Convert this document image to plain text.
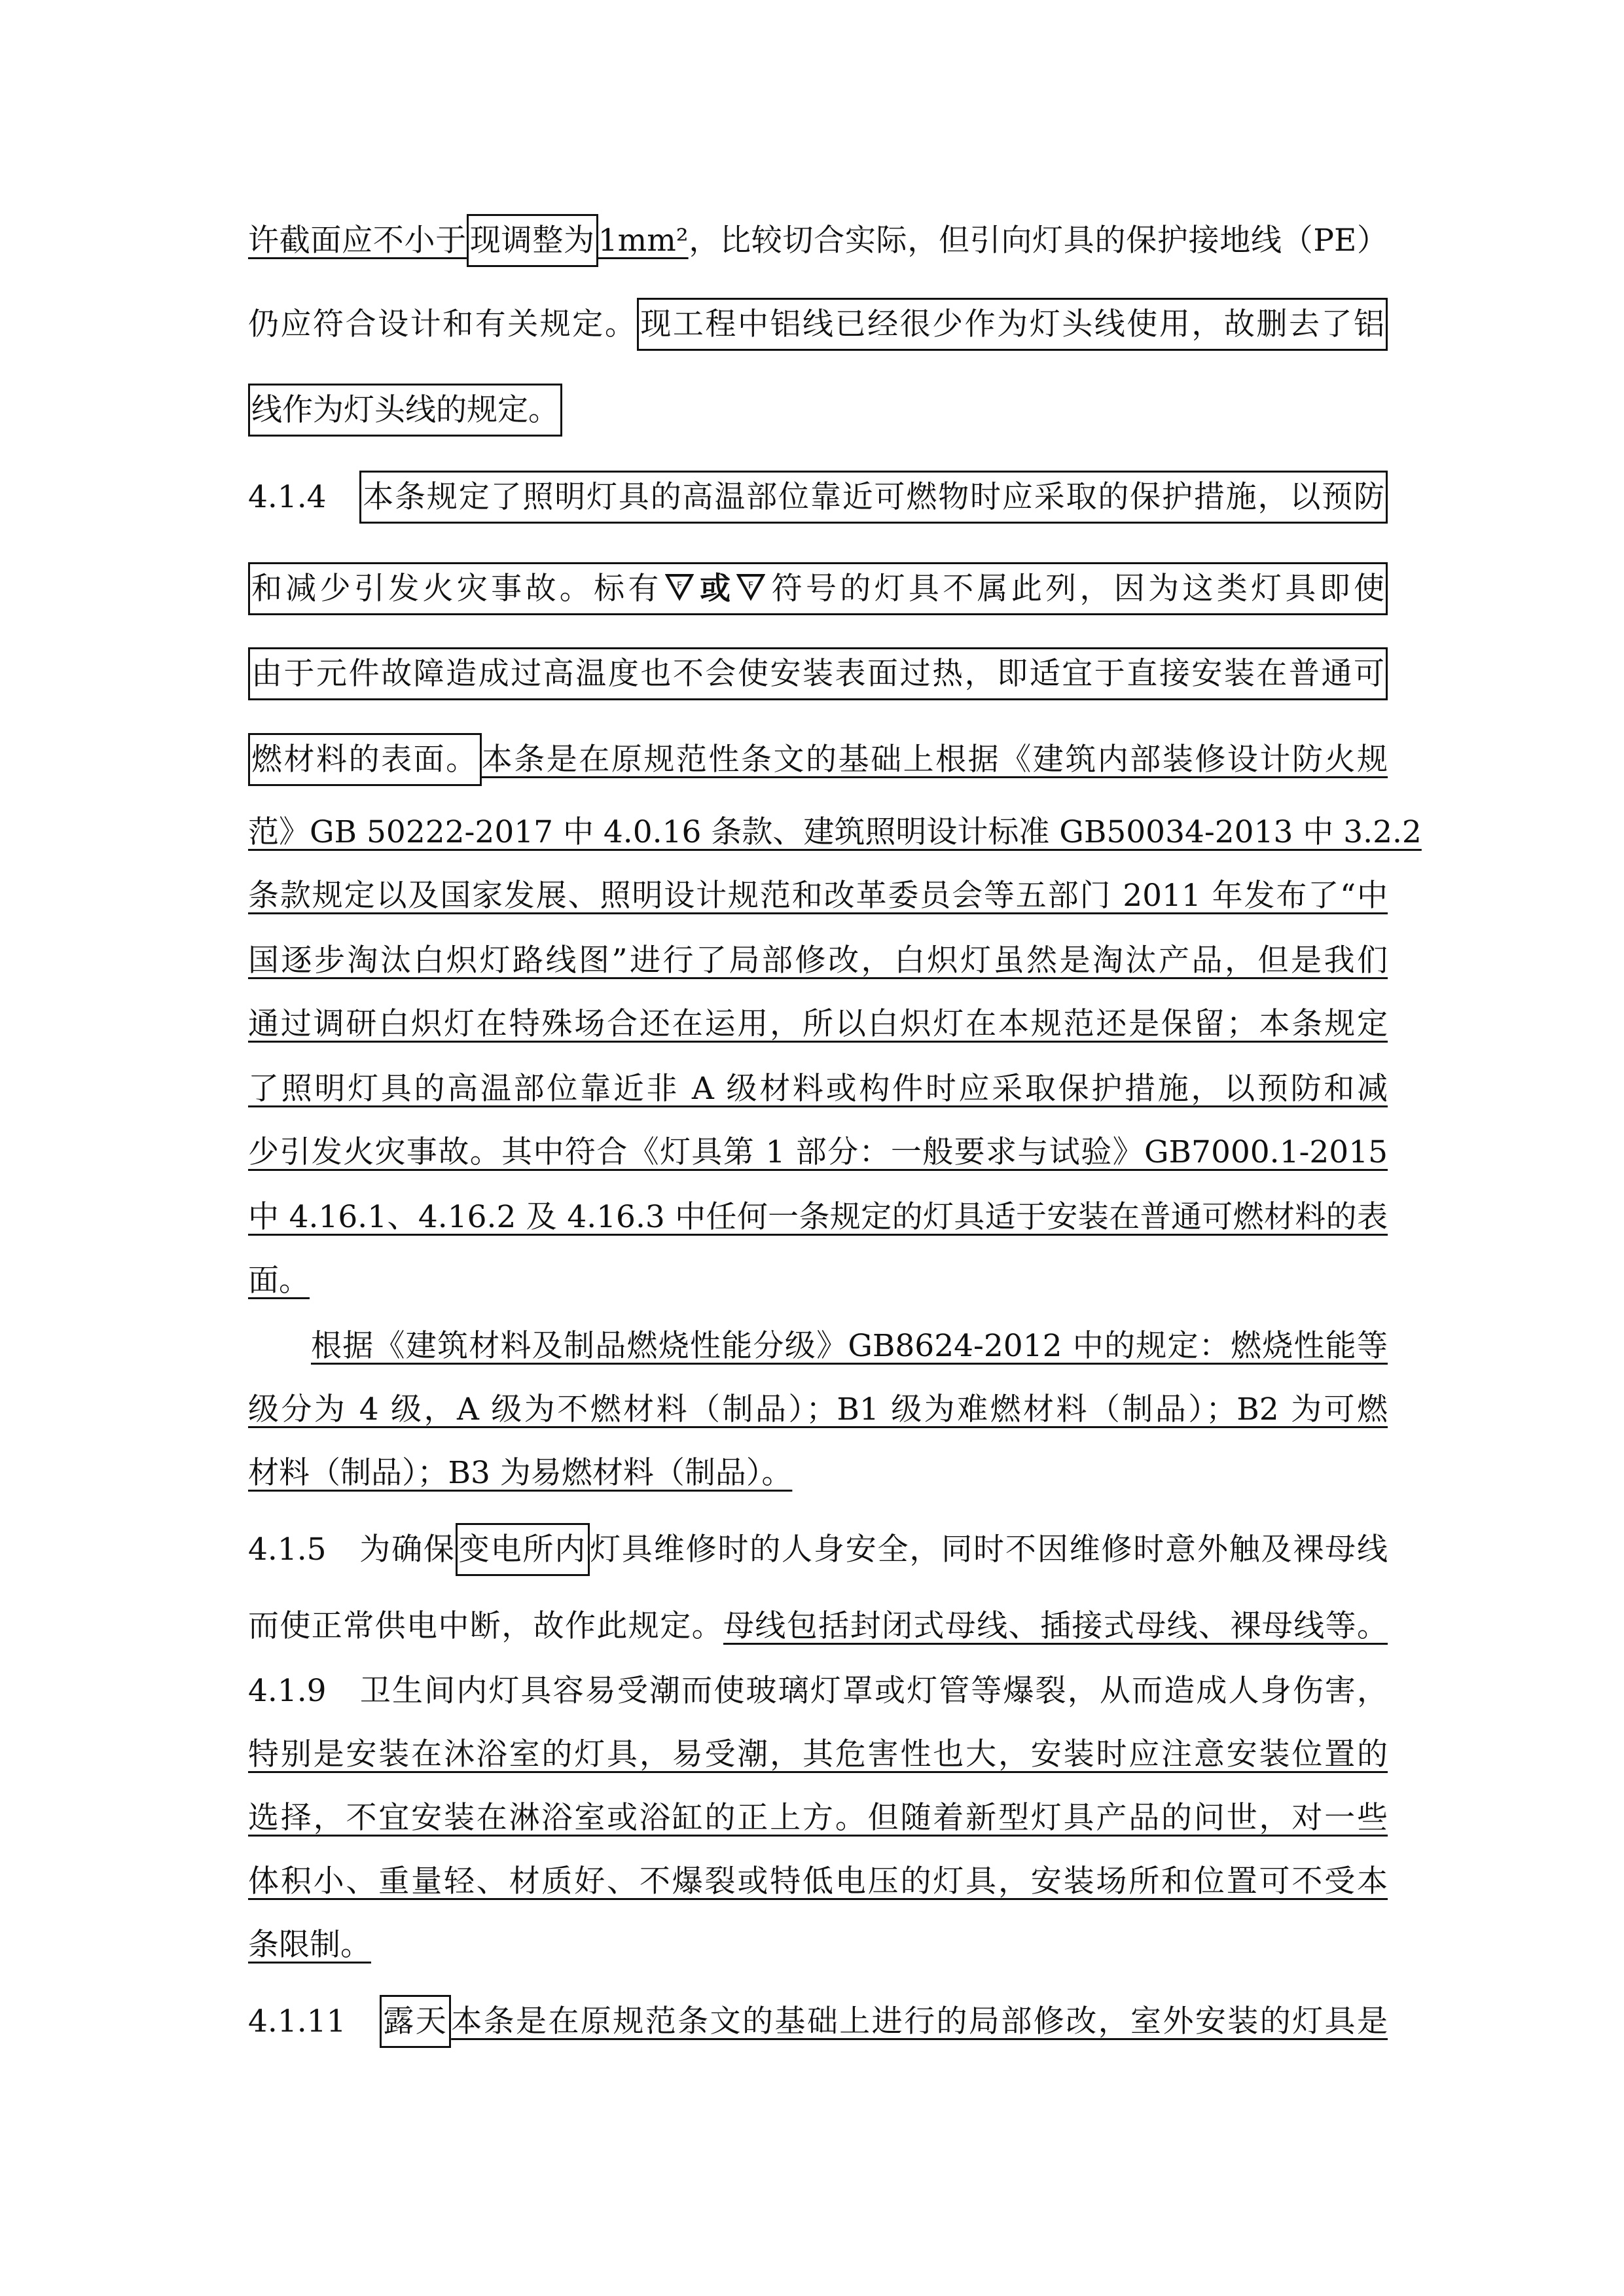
许截面应不小于 现调整为 1mm²，比较切合实际，但引向灯具的保护接地线（PE）
仍应符合设计和有关规定。 现工程中铝线已经很少作为灯头线使用，故删去了铝
线作为灯头线的规定。
4.1.4　本条规定了照明灯具的高温部位靠近可燃物时应采取的保护措施，以预防
和减少引发火灾事故。标有 F 或 F 符号的灯具不属此列，因为这类灯具即使
由于元件故障造成过高温度也不会使安装表面过热，即适宜于直接安装在普通可
燃材料的表面。 本条是在原规范性条文的基础上根据《建筑内部装修设计防火规
范》GB 50222-2017 中 4.0.16 条款、建筑照明设计标准 GB50034-2013 中 3.2.2
条款规定以及国家发展、照明设计规范和改革委员会等五部门 2011 年发布了“中
国逐步淘汰白炽灯路线图”进行了局部修改，白炽灯虽然是淘汰产品，但是我们
通过调研白炽灯在特殊场合还在运用，所以白炽灯在本规范还是保留；本条规定
了照明灯具的高温部位靠近非 A 级材料或构件时应采取保护措施，以预防和减
少引发火灾事故。其中符合《灯具第 1 部分：一般要求与试验》GB7000.1-2015
中 4.16.1、4.16.2 及 4.16.3 中任何一条规定的灯具适于安装在普通可燃材料的表
面。
根据《建筑材料及制品燃烧性能分级》GB8624-2012 中的规定：燃烧性能等
级分为 4 级，A 级为不燃材料（制品）；B1 级为难燃材料（制品）；B2 为可燃
材料（制品）；B3 为易燃材料（制品）。
4.1.5　为确保 变电所内 灯具维修时的人身安全，同时不因维修时意外触及裸母线
而使正常供电中断，故作此规定。母线包括封闭式母线、插接式母线、裸母线等。
4.1.9　卫生间内灯具容易受潮而使玻璃灯罩或灯管等爆裂，从而造成人身伤害，
特别是安装在沐浴室的灯具，易受潮，其危害性也大，安装时应注意安装位置的
选择，不宜安装在淋浴室或浴缸的正上方。但随着新型灯具产品的问世，对一些
体积小、重量轻、材质好、不爆裂或特低电压的灯具，安装场所和位置可不受本
条限制。
4.1.11　露天 本条是在原规范条文的基础上进行的局部修改，室外安装的灯具是
